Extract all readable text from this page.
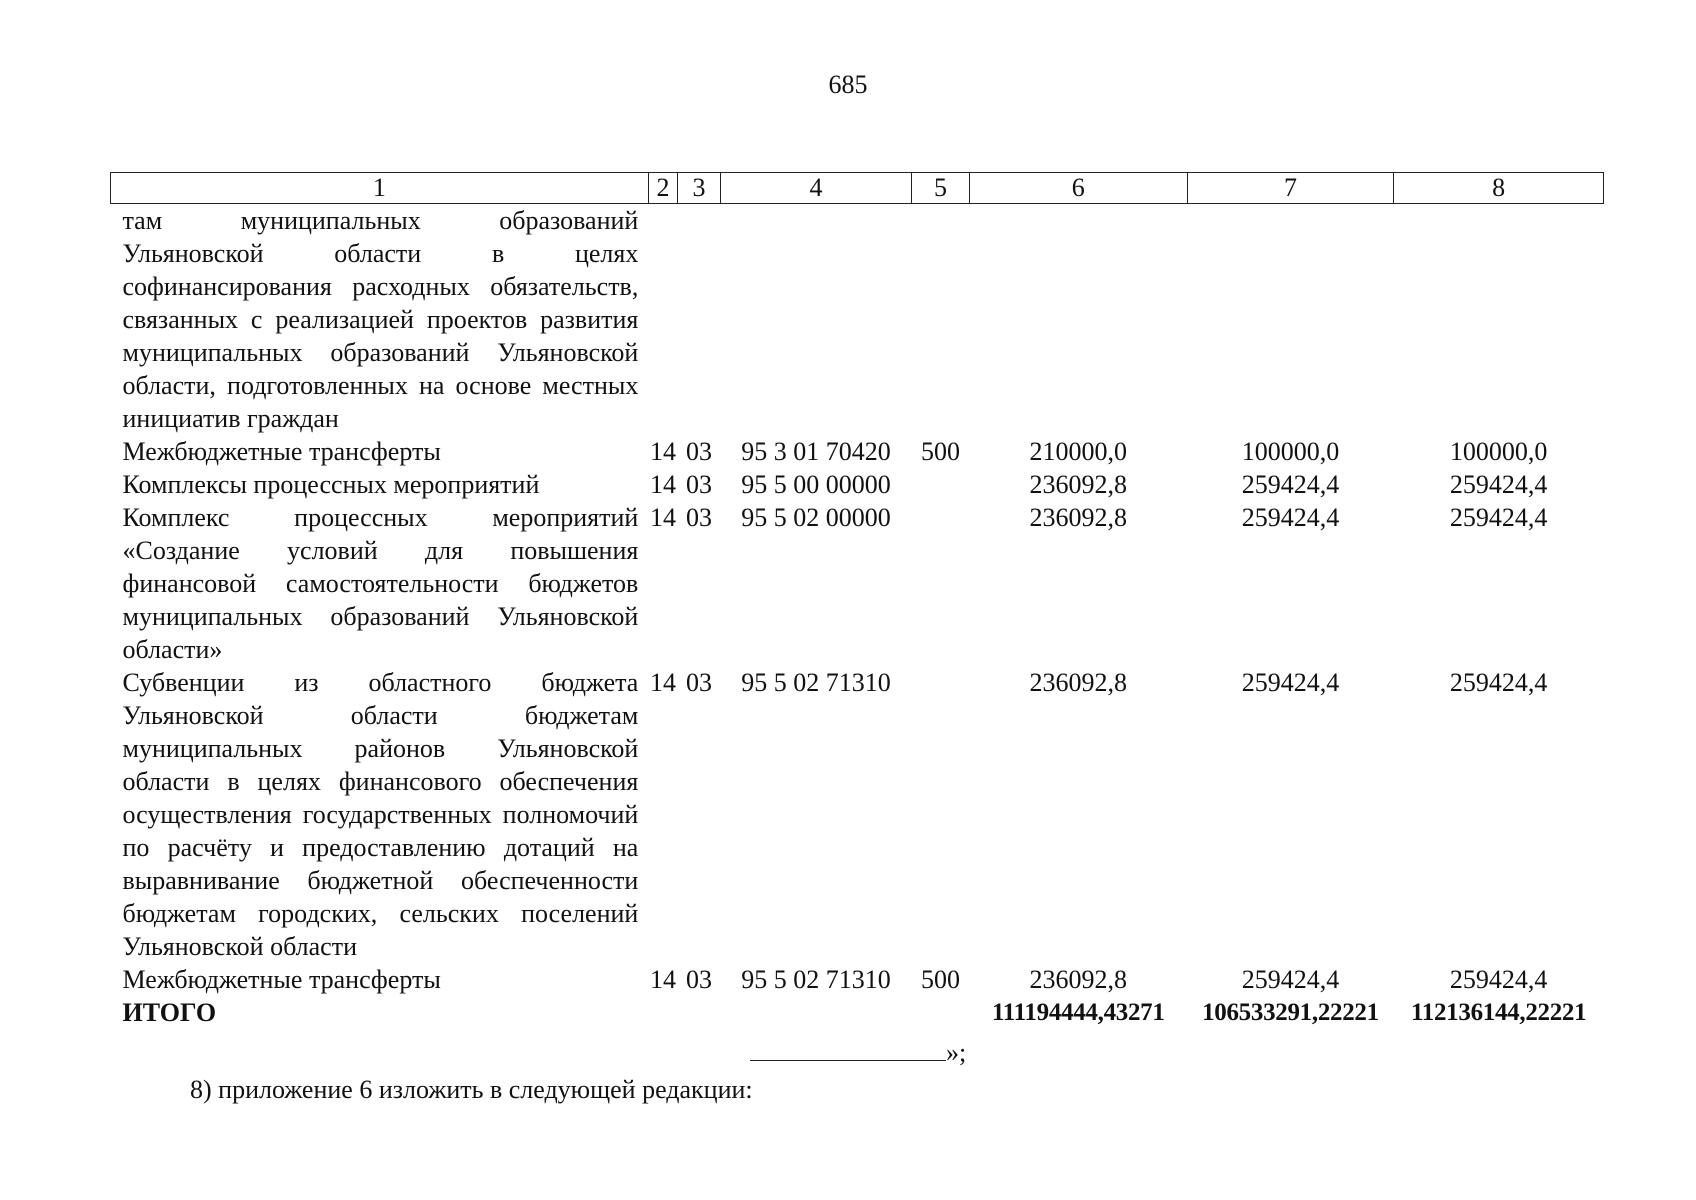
685
1	2	3	4	5	6	7	8
там муниципальных образований Ульяновской области в целях софинансирования расходных обязательств, связанных с реализацией проектов развития муниципальных образований Ульяновской области, подготовленных на основе местных инициатив граждан							
Межбюджетные трансферты	14	03	95 3 01 70420	500	210000,0	100000,0	100000,0
Комплексы процессных мероприятий	14	03	95 5 00 00000		236092,8	259424,4	259424,4
Комплекс процессных мероприятий «Создание условий для повышения финансовой самостоятельности бюджетов муниципальных образований Ульяновской области»	14	03	95 5 02 00000		236092,8	259424,4	259424,4
Субвенции из областного бюджета Ульяновской области бюджетам муниципальных районов Ульяновской области в целях финансового обеспечения осуществления государственных полномочий по расчёту и предоставлению дотаций на выравнивание бюджетной обеспеченности бюджетам городских, сельских поселений Ульяновской области	14	03	95 5 02 71310		236092,8	259424,4	259424,4
Межбюджетные трансферты	14	03	95 5 02 71310	500	236092,8	259424,4	259424,4
ИТОГО					111194444,43271	106533291,22221	112136144,22221
»;
8) приложение 6 изложить в следующей редакции:
